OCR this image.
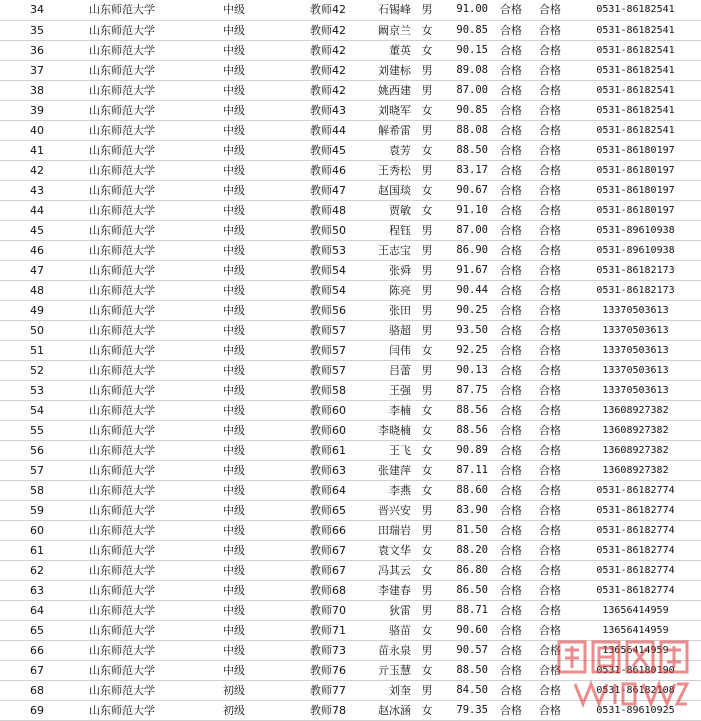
34	山东师范大学	中级	教师42	石锡峰	男	91.00	合格	合格	0531-86182541
35	山东师范大学	中级	教师42	阚京兰	女	90.85	合格	合格	0531-86182541
36	山东师范大学	中级	教师42	董英	女	90.15	合格	合格	0531-86182541
37	山东师范大学	中级	教师42	刘建标	男	89.08	合格	合格	0531-86182541
38	山东师范大学	中级	教师42	姚西建	男	87.00	合格	合格	0531-86182541
39	山东师范大学	中级	教师43	刘晓军	女	90.85	合格	合格	0531-86182541
40	山东师范大学	中级	教师44	解希雷	男	88.08	合格	合格	0531-86182541
41	山东师范大学	中级	教师45	袁芳	女	88.50	合格	合格	0531-86180197
42	山东师范大学	中级	教师46	王秀松	男	83.17	合格	合格	0531-86180197
43	山东师范大学	中级	教师47	赵国琰	女	90.67	合格	合格	0531-86180197
44	山东师范大学	中级	教师48	贾敏	女	91.10	合格	合格	0531-86180197
45	山东师范大学	中级	教师50	程钰	男	87.00	合格	合格	0531-89610938
46	山东师范大学	中级	教师53	王志宝	男	86.90	合格	合格	0531-89610938
47	山东师范大学	中级	教师54	张舜	男	91.67	合格	合格	0531-86182173
48	山东师范大学	中级	教师54	陈亮	男	90.44	合格	合格	0531-86182173
49	山东师范大学	中级	教师56	张田	男	90.25	合格	合格	13370503613
50	山东师范大学	中级	教师57	骆超	男	93.50	合格	合格	13370503613
51	山东师范大学	中级	教师57	闫伟	女	92.25	合格	合格	13370503613
52	山东师范大学	中级	教师57	吕蕾	男	90.13	合格	合格	13370503613
53	山东师范大学	中级	教师58	王强	男	87.75	合格	合格	13370503613
54	山东师范大学	中级	教师60	李楠	女	88.56	合格	合格	13608927382
55	山东师范大学	中级	教师60	李晓楠	女	88.56	合格	合格	13608927382
56	山东师范大学	中级	教师61	王飞	女	90.89	合格	合格	13608927382
57	山东师范大学	中级	教师63	张建萍	女	87.11	合格	合格	13608927382
58	山东师范大学	中级	教师64	李燕	女	88.60	合格	合格	0531-86182774
59	山东师范大学	中级	教师65	晋兴安	男	83.90	合格	合格	0531-86182774
60	山东师范大学	中级	教师66	田瑞岩	男	81.50	合格	合格	0531-86182774
61	山东师范大学	中级	教师67	袁文华	女	88.20	合格	合格	0531-86182774
62	山东师范大学	中级	教师67	冯其云	女	86.80	合格	合格	0531-86182774
63	山东师范大学	中级	教师68	李建春	男	86.50	合格	合格	0531-86182774
64	山东师范大学	中级	教师70	狄雷	男	88.71	合格	合格	13656414959
65	山东师范大学	中级	教师71	骆苗	女	90.60	合格	合格	13656414959
66	山东师范大学	中级	教师73	苗永泉	男	90.57	合格	合格	13656414959
67	山东师范大学	中级	教师76	亓玉慧	女	88.50	合格	合格	0531-86180190
68	山东师范大学	初级	教师77	刘奎	男	84.50	合格	合格	0531-86182108
69	山东师范大学	初级	教师78	赵冰涵	女	79.35	合格	合格	0531-89610925
